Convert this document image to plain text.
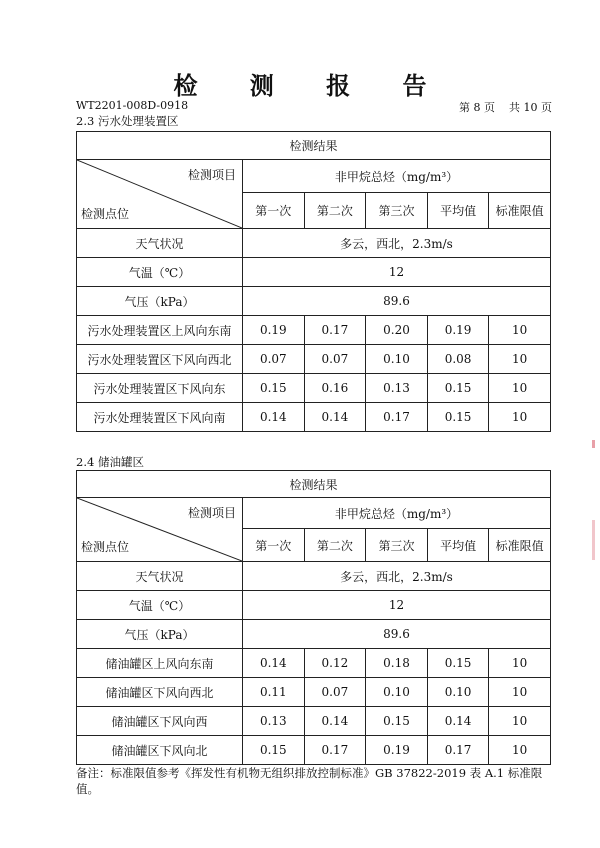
检 测 报 告
WT2201-008D-0918	第 8 页 共 10 页
2.3 污水处理装置区
检测结果					

检测项目
检测点位	非甲烷总烃（mg/m³）				
	第一次	第二次	第三次	平均值	标准限值
天气状况	多云，西北，2.3m/s				
气温（℃）	12				
气压（kPa）	89.6				
污水处理装置区上风向东南	0.19	0.17	0.20	0.19	10
污水处理装置区下风向西北	0.07	0.07	0.10	0.08	10
污水处理装置区下风向东	0.15	0.16	0.13	0.15	10
污水处理装置区下风向南	0.14	0.14	0.17	0.15	10
2.4 储油罐区
检测结果					

检测项目
检测点位	非甲烷总烃（mg/m³）				
	第一次	第二次	第三次	平均值	标准限值
天气状况	多云，西北，2.3m/s				
气温（℃）	12				
气压（kPa）	89.6				
储油罐区上风向东南	0.14	0.12	0.18	0.15	10
储油罐区下风向西北	0.11	0.07	0.10	0.10	10
储油罐区下风向西	0.13	0.14	0.15	0.14	10
储油罐区下风向北	0.15	0.17	0.19	0.17	10
备注：标准限值参考《挥发性有机物无组织排放控制标准》GB 37822-2019 表 A.1 标准限值。
